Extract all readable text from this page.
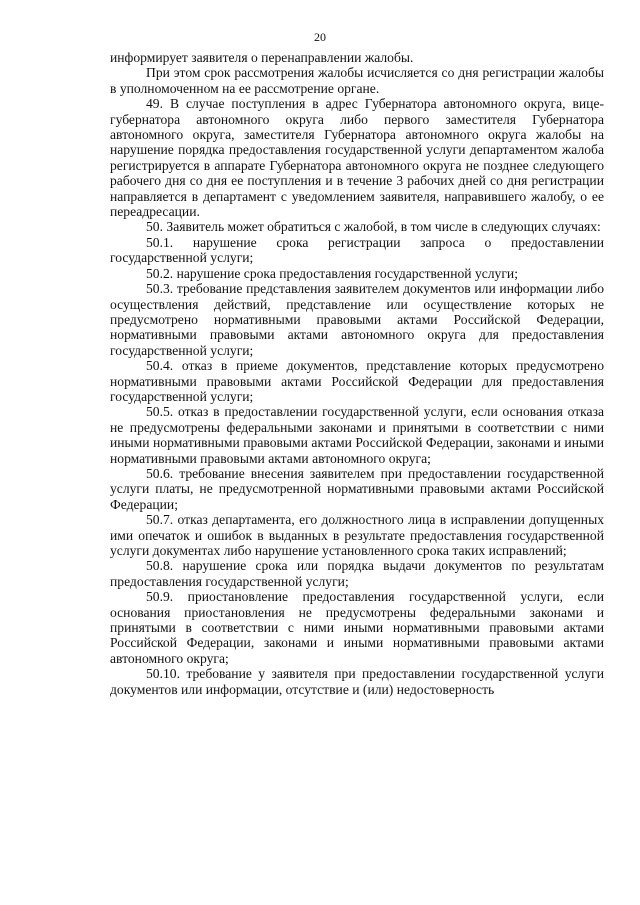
20

информирует заявителя о перенаправлении жалобы.

При этом срок рассмотрения жалобы исчисляется со дня регистрации жалобы в уполномоченном на ее рассмотрение органе.

49. В случае поступления в адрес Губернатора автономного округа, вице-губернатора автономного округа либо первого заместителя Губернатора автономного округа, заместителя Губернатора автономного округа жалобы на нарушение порядка предоставления государственной услуги департаментом жалоба регистрируется в аппарате Губернатора автономного округа не позднее следующего рабочего дня со дня ее поступления и в течение 3 рабочих дней со дня регистрации направляется в департамент с уведомлением заявителя, направившего жалобу, о ее переадресации.

50. Заявитель может обратиться с жалобой, в том числе в следующих случаях:

50.1. нарушение срока регистрации запроса о предоставлении государственной услуги;

50.2. нарушение срока предоставления государственной услуги;

50.3. требование представления заявителем документов или информации либо осуществления действий, представление или осуществление которых не предусмотрено нормативными правовыми актами Российской Федерации, нормативными правовыми актами автономного округа для предоставления государственной услуги;

50.4. отказ в приеме документов, представление которых предусмотрено нормативными правовыми актами Российской Федерации для предоставления государственной услуги;

50.5. отказ в предоставлении государственной услуги, если основания отказа не предусмотрены федеральными законами и принятыми в соответствии с ними иными нормативными правовыми актами Российской Федерации, законами и иными нормативными правовыми актами автономного округа;

50.6. требование внесения заявителем при предоставлении государственной услуги платы, не предусмотренной нормативными правовыми актами Российской Федерации;

50.7. отказ департамента, его должностного лица в исправлении допущенных ими опечаток и ошибок в выданных в результате предоставления государственной услуги документах либо нарушение установленного срока таких исправлений;

50.8. нарушение срока или порядка выдачи документов по результатам предоставления государственной услуги;

50.9. приостановление предоставления государственной услуги, если основания приостановления не предусмотрены федеральными законами и принятыми в соответствии с ними иными нормативными правовыми актами Российской Федерации, законами и иными нормативными правовыми актами автономного округа;

50.10. требование у заявителя при предоставлении государственной услуги документов или информации, отсутствие и (или) недостоверность
